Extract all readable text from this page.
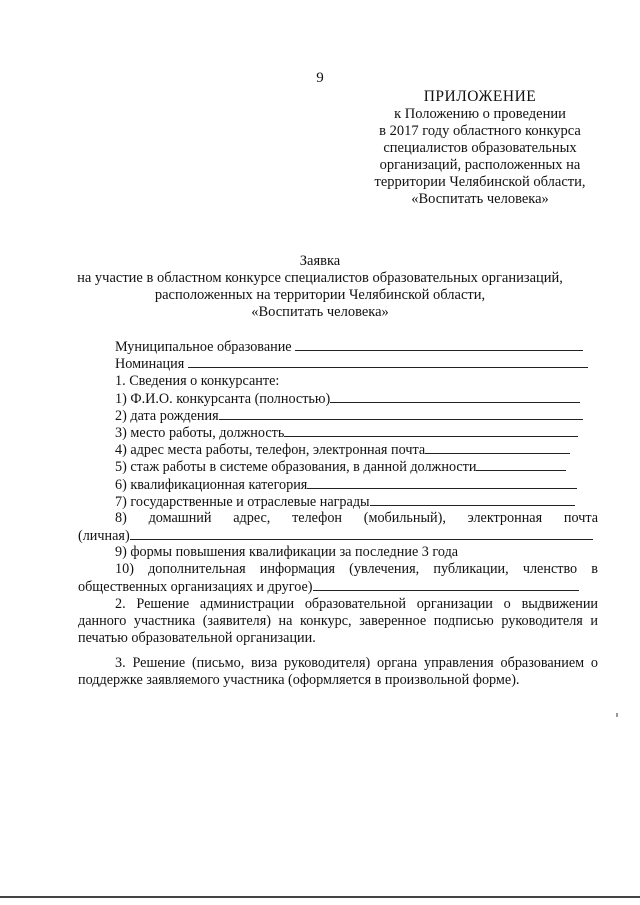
9
ПРИЛОЖЕНИЕ
к Положению о проведении
в 2017 году областного конкурса
специалистов образовательных
организаций, расположенных на
территории Челябинской области,
«Воспитать человека»
Заявка
на участие в областном конкурсе специалистов образовательных организаций,
расположенных на территории Челябинской области,
«Воспитать человека»
Муниципальное образование
Номинация
1. Сведения о конкурсанте:
1) Ф.И.О. конкурсанта (полностью)
2) дата рождения
3) место работы, должность
4) адрес места работы, телефон, электронная почта
5) стаж работы в системе образования, в данной должности
6) квалификационная категория
7) государственные и отраслевые награды
8) домашний адрес, телефон (мобильный), электронная почта
(личная)
9) формы повышения квалификации за последние 3 года
10) дополнительная информация (увлечения, публикации, членство в
общественных организациях и другое)
2. Решение администрации образовательной организации о выдвижении данного участника (заявителя) на конкурс, заверенное подписью руководителя и печатью образовательной организации.
3. Решение (письмо, виза руководителя) органа управления образованием о поддержке заявляемого участника (оформляется в произвольной форме).
